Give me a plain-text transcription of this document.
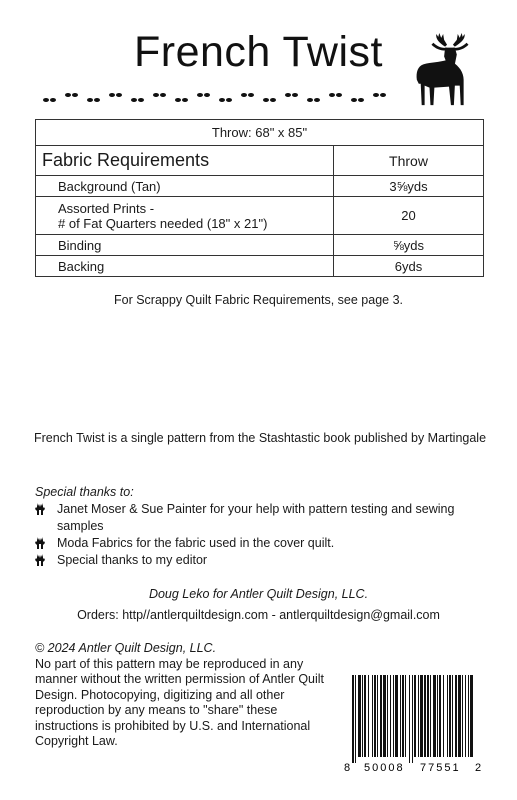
French Twist
Throw: 68" x 85"	
Fabric Requirements	Throw
Background (Tan)	3⅝yds

Assorted Prints -
# of Fat Quarters needed (18" x 21")	20
Binding	⅝yds
Backing	6yds
For Scrappy Quilt Fabric Requirements, see page 3.
French Twist is a single pattern from the Stashtastic book published by Martingale
Special thanks to:
Janet Moser & Sue Painter for your help with pattern testing and sewing samples
Moda Fabrics for the fabric used in the cover quilt.
Special thanks to my editor
Doug Leko for Antler Quilt Design, LLC.
Orders: http//antlerquiltdesign.com - antlerquiltdesign@gmail.com
© 2024 Antler Quilt Design, LLC.
No part of this pattern may be reproduced in any manner without the written permission of Antler Quilt Design. Photocopying, digitizing and all other reproduction by any means to "share" these instructions is prohibited by U.S. and International Copyright Law.
8 50008 77551 2
